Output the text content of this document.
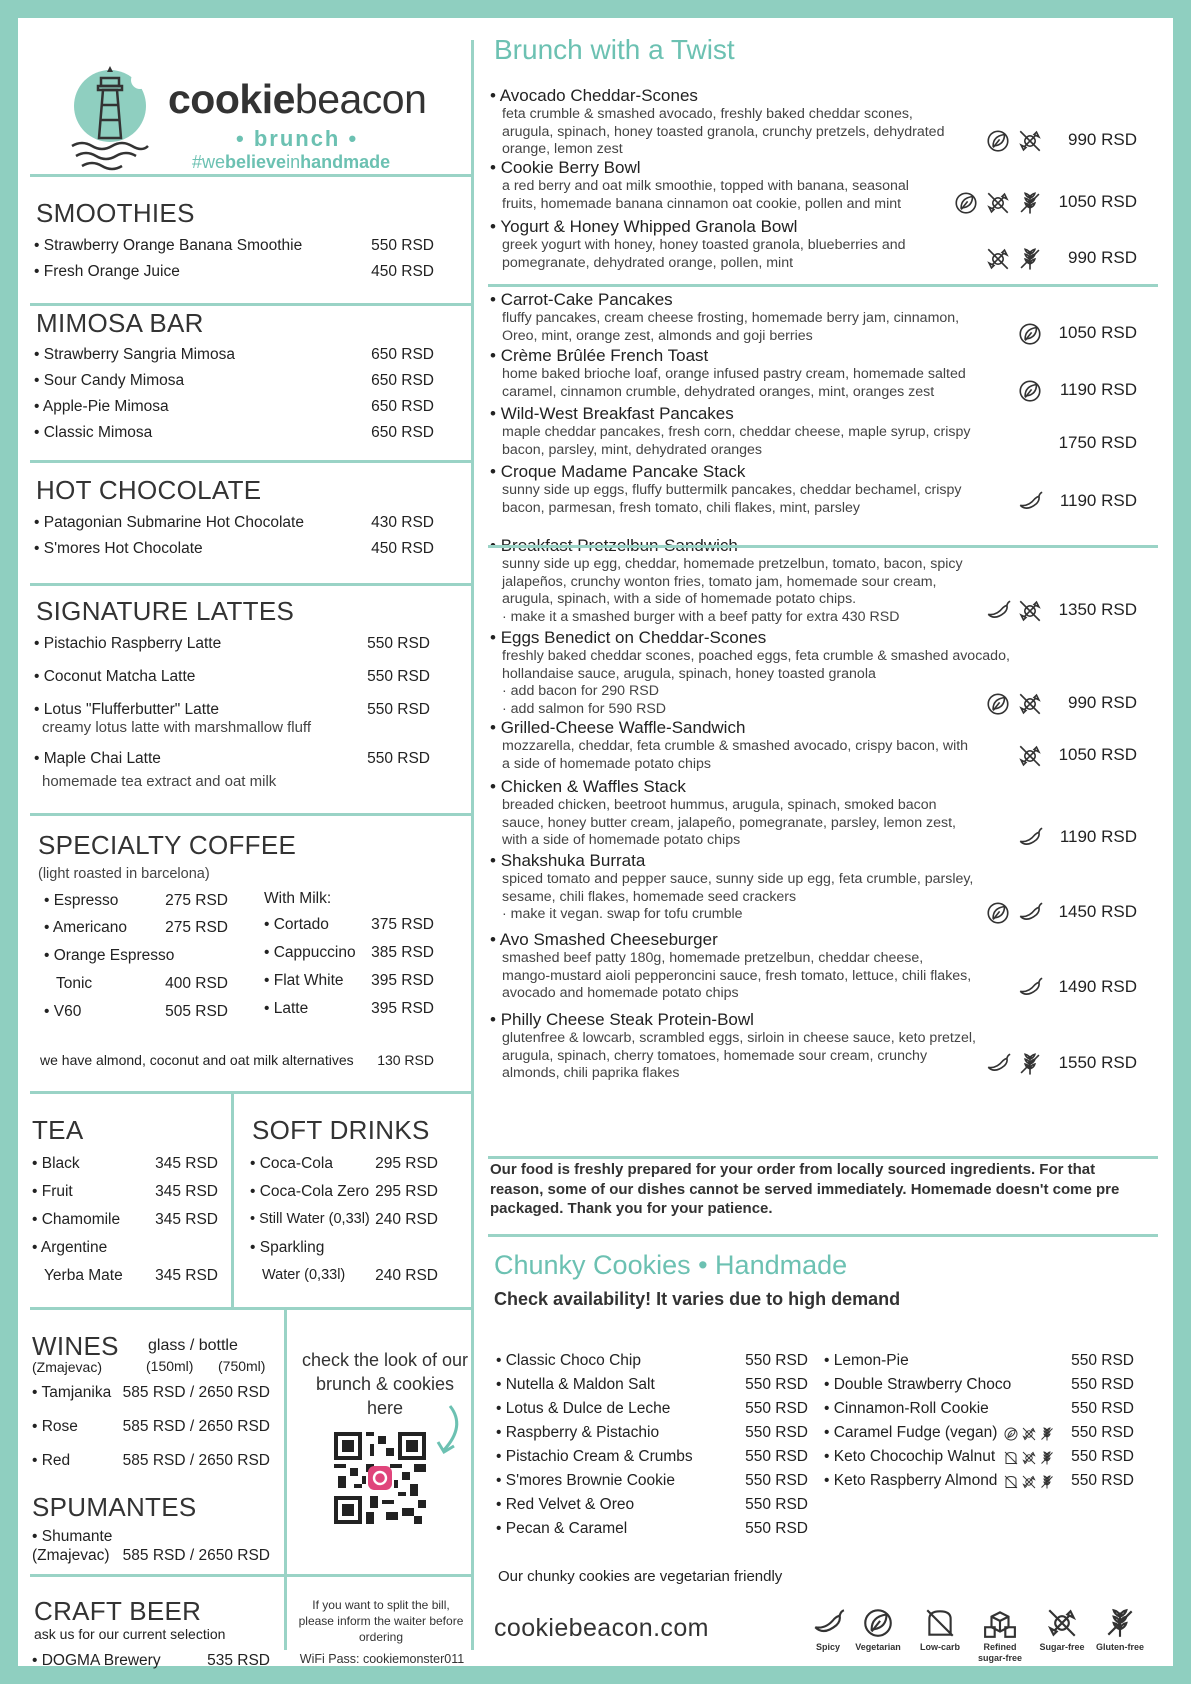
cookiebeacon
• brunch •
#webelieveinhandmade
SMOOTHIES
• Strawberry Orange Banana Smoothie	550 RSD
• Fresh Orange Juice	450 RSD
MIMOSA BAR
• Strawberry Sangria Mimosa	650 RSD
• Sour Candy Mimosa	650 RSD
• Apple-Pie Mimosa	650 RSD
• Classic Mimosa	650 RSD
HOT CHOCOLATE
• Patagonian Submarine Hot Chocolate	430 RSD
• S'mores Hot Chocolate	450 RSD
SIGNATURE LATTES
• Pistachio Raspberry Latte	550 RSD
• Coconut Matcha Latte	550 RSD
• Lotus "Flufferbutter" Latte	550 RSD
creamy lotus latte with marshmallow fluff
• Maple Chai Latte	550 RSD
homemade tea extract and oat milk
SPECIALTY COFFEE
(light roasted in barcelona)
• Espresso	275 RSD
• Americano	275 RSD
• Orange Espresso
Tonic	400 RSD
• V60	505 RSD
With Milk:
• Cortado	375 RSD
• Cappuccino	385 RSD
• Flat White	395 RSD
• Latte	395 RSD
we have almond, coconut and oat milk alternatives	130 RSD
TEA
• Black	345 RSD
• Fruit	345 RSD
• Chamomile	345 RSD
• Argentine
Yerba Mate	345 RSD
SOFT DRINKS
• Coca-Cola	295 RSD
• Coca-Cola Zero 295 RSD
• Still Water (0,33l) 240 RSD
• Sparkling
Water (0,33l)	240 RSD
WINES
(Zmajevac)
glass / bottle
(150ml) (750ml)
• Tamjanika 585 RSD / 2650 RSD
• Rose	585 RSD / 2650 RSD
• Red	585 RSD / 2650 RSD
SPUMANTES
• Shumante
(Zmajevac) 585 RSD / 2650 RSD
check the look of our brunch & cookies here
CRAFT BEER
ask us for our current selection
• DOGMA Brewery	535 RSD
If you want to split the bill, please inform the waiter before ordering
WiFi Pass: cookiemonster011
Brunch with a Twist
• Avocado Cheddar-Scones
feta crumble & smashed avocado, freshly baked cheddar scones,
arugula, spinach, honey toasted granola, crunchy pretzels, dehydrated
orange, lemon zest	990 RSD
• Cookie Berry Bowl
a red berry and oat milk smoothie, topped with banana, seasonal
fruits, homemade banana cinnamon oat cookie, pollen and mint	1050 RSD
• Yogurt & Honey Whipped Granola Bowl
greek yogurt with honey, honey toasted granola, blueberries and
pomegranate, dehydrated orange, pollen, mint	990 RSD
• Carrot-Cake Pancakes
fluffy pancakes, cream cheese frosting, homemade berry jam, cinnamon,
Oreo, mint, orange zest, almonds and goji berries	1050 RSD
• Crème Brûlée French Toast
home baked brioche loaf, orange infused pastry cream, homemade salted
caramel, cinnamon crumble, dehydrated oranges, mint, oranges zest	1190 RSD
• Wild-West Breakfast Pancakes
maple cheddar pancakes, fresh corn, cheddar cheese, maple syrup, crispy
bacon, parsley, mint, dehydrated oranges	1750 RSD
• Croque Madame Pancake Stack
sunny side up eggs, fluffy buttermilk pancakes, cheddar bechamel, crispy
bacon, parmesan, fresh tomato, chili flakes, mint, parsley	1190 RSD
•
sunny side up egg, cheddar, homemade pretzelbun, tomato, bacon, spicy
jalapeños, crunchy wonton fries, tomato jam, homemade sour cream,
arugula, spinach, with a side of homemade potato chips.
· make it a smashed burger with a beef patty for extra 430 RSD	1350 RSD
• Eggs Benedict on Cheddar-Scones
freshly baked cheddar scones, poached eggs, feta crumble & smashed avocado,
hollandaise sauce, arugula, spinach, honey toasted granola
· add bacon for 290 RSD
· add salmon for 590 RSD	990 RSD
• Grilled-Cheese Waffle-Sandwich
mozzarella, cheddar, feta crumble & smashed avocado, crispy bacon, with
a side of homemade potato chips	1050 RSD
• Chicken & Waffles Stack
breaded chicken, beetroot hummus, arugula, spinach, smoked bacon
sauce, honey butter cream, jalapeño, pomegranate, parsley, lemon zest,
with a side of homemade potato chips	1190 RSD
• Shakshuka Burrata
spiced tomato and pepper sauce, sunny side up egg, feta crumble, parsley,
sesame, chili flakes, homemade seed crackers
· make it vegan. swap for tofu crumble	1450 RSD
• Avo Smashed Cheeseburger
smashed beef patty 180g, homemade pretzelbun, cheddar cheese,
mango-mustard aioli pepperoncini sauce, fresh tomato, lettuce, chili flakes,
avocado and homemade potato chips	1490 RSD
• Philly Cheese Steak Protein-Bowl
glutenfree & lowcarb, scrambled eggs, sirloin in cheese sauce, keto pretzel,
arugula, spinach, cherry tomatoes, homemade sour cream, crunchy
almonds, chili paprika flakes
1550 RSD
Our food is freshly prepared for your order from locally sourced ingredients. For that reason, some of our dishes cannot be served immediately. Homemade doesn't come pre packaged. Thank you for your patience.
Chunky Cookies • Handmade
Check availability! It varies due to high demand
• Classic Choco Chip	550 RSD
• Nutella & Maldon Salt	550 RSD
• Lotus & Dulce de Leche	550 RSD
• Raspberry & Pistachio	550 RSD
• Pistachio Cream & Crumbs	550 RSD
• S'mores Brownie Cookie	550 RSD
• Red Velvet & Oreo	550 RSD
• Pecan & Caramel	550 RSD
• Lemon-Pie	550 RSD
• Double Strawberry Choco	550 RSD
• Cinnamon-Roll Cookie	550 RSD
• Caramel Fudge (vegan)	550 RSD
• Keto Chocochip Walnut	550 RSD
• Keto Raspberry Almond	550 RSD
Our chunky cookies are vegetarian friendly
cookiebeacon.com
Spicy	Vegetarian	Low-carb	Refined sugar-free
Sugar-free	Gluten-free
